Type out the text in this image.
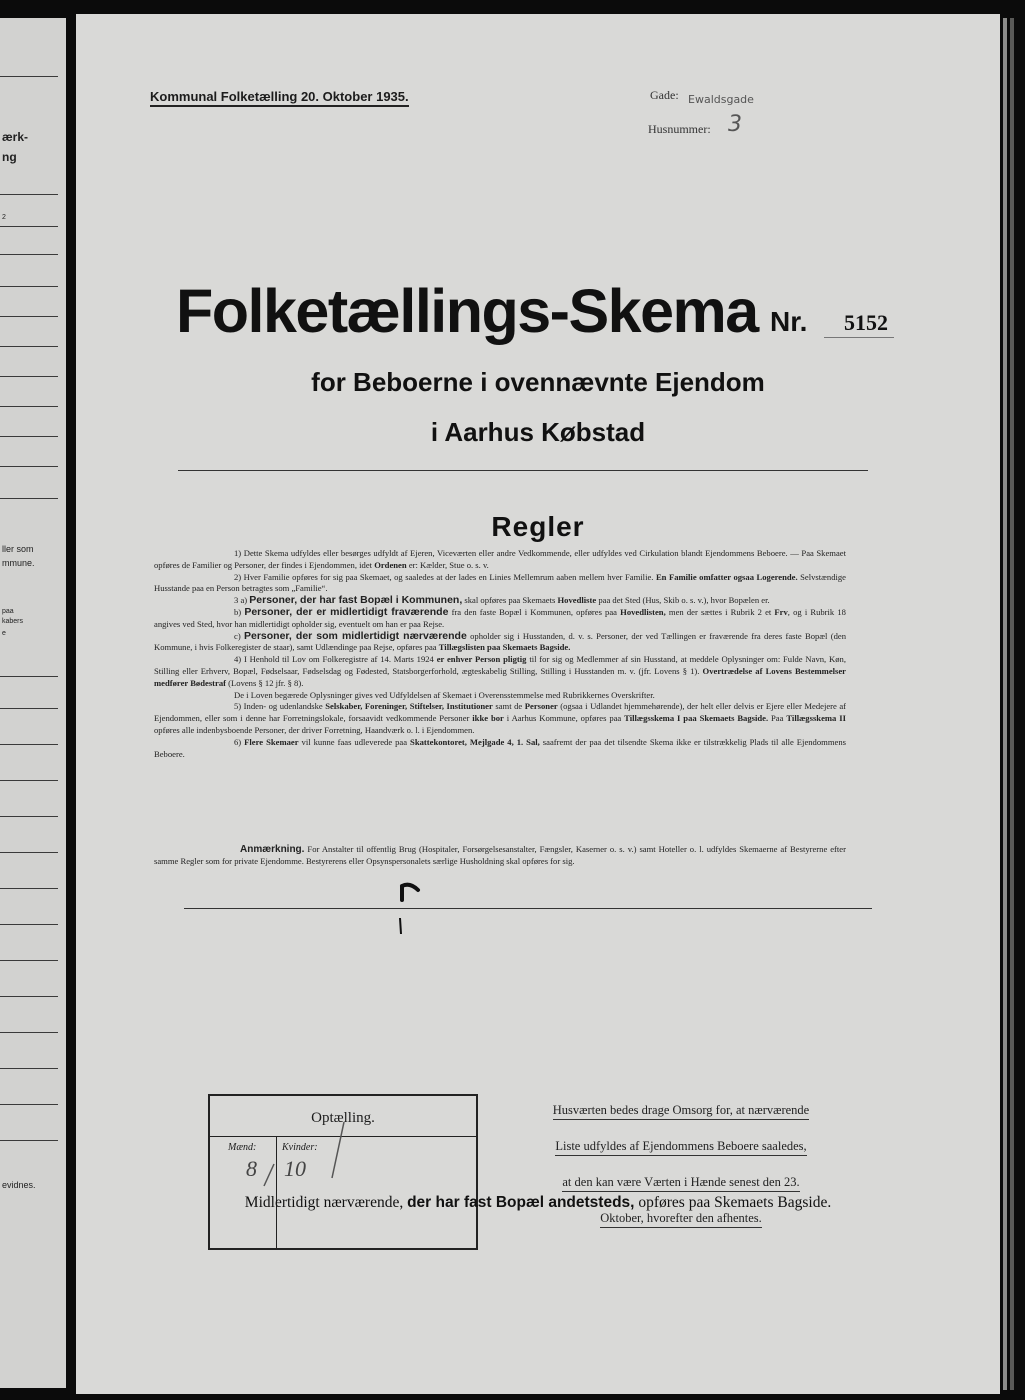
ærk-
ng
2
ller som
mmune.
paa
kabers
e
evidnes.
Kommunal Folketælling 20. Oktober 1935.	Gade: Ewaldsgade
Husnummer: 3
Folketællings-Skema Nr. 5152
for Beboerne i ovennævnte Ejendom
i Aarhus Købstad
Regler

1) Dette Skema udfyldes eller besørges udfyldt af Ejeren, Viceværten eller andre Vedkommende, eller udfyldes ved Cirkulation blandt Ejendommens Beboere. — Paa Skemaet opføres de Familier og Personer, der findes i Ejendommen, idet Ordenen er: Kælder, Stue o. s. v.

2) Hver Familie opføres for sig paa Skemaet, og saaledes at der lades en Linies Mellemrum aaben mellem hver Familie. En Familie omfatter ogsaa Logerende. Selvstændige Husstande paa en Person betragtes som „Familie“.

3 a) Personer, der har fast Bopæl i Kommunen, skal opføres paa Skemaets Hovedliste paa det Sted (Hus, Skib o. s. v.), hvor Bopælen er.

b) Personer, der er midlertidigt fraværende fra den faste Bopæl i Kommunen, opføres paa Hovedlisten, men der sættes i Rubrik 2 et Frv, og i Rubrik 18 angives ved Sted, hvor han midlertidigt opholder sig, eventuelt om han er paa Rejse.

c) Personer, der som midlertidigt nærværende opholder sig i Husstanden, d. v. s. Personer, der ved Tællingen er fraværende fra deres faste Bopæl (den Kommune, i hvis Folkeregister de staar), samt Udlændinge paa Rejse, opføres paa Tillægslisten paa Skemaets Bagside.

4) I Henhold til Lov om Folkeregistre af 14. Marts 1924 er enhver Person pligtig til for sig og Medlemmer af sin Husstand, at meddele Oplysninger om: Fulde Navn, Køn, Stilling eller Erhverv, Bopæl, Fødselsaar, Fødselsdag og Fødested, Statsborgerforhold, ægteskabelig Stilling, Stilling i Husstanden m. v. (jfr. Lovens § 1). Overtrædelse af Lovens Bestemmelser medfører Bødestraf (Lovens § 12 jfr. § 8).

De i Loven begærede Oplysninger gives ved Udfyldelsen af Skemaet i Overensstemmelse med Rubrikkernes Overskrifter.

5) Inden- og udenlandske Selskaber, Foreninger, Stiftelser, Institutioner samt de Personer (ogsaa i Udlandet hjemmehørende), der helt eller delvis er Ejere eller Medejere af Ejendommen, eller som i denne har Forretningslokale, forsaavidt vedkommende Personer ikke bor i Aarhus Kommune, opføres paa Tillægsskema I paa Skemaets Bagside. Paa Tillægsskema II opføres alle indenbysboende Personer, der driver Forretning, Haandværk o. l. i Ejendommen.

6) Flere Skemaer vil kunne faas udleverede paa Skattekontoret, Mejlgade 4, 1. Sal, saafremt der paa det tilsendte Skema ikke er tilstrækkelig Plads til alle Ejendommens Beboere.

Anmærkning. For Anstalter til offentlig Brug (Hospitaler, Forsørgelsesanstalter, Fængsler, Kaserner o. s. v.) samt Hoteller o. l. udfyldes Skemaerne af Bestyrerne efter samme Regler som for private Ejendomme. Bestyrerens eller Opsynspersonalets særlige Husholdning skal opføres for sig.

Optælling.
Mænd:
8
Kvinder:
10
Husværten bedes drage Omsorg for, at nærværende
Liste udfyldes af Ejendommens Beboere saaledes,
at den kan være Værten i Hænde senest den 23.
Oktober, hvorefter den afhentes.
Midlertidigt nærværende, der har fast Bopæl andetsteds, opføres paa Skemaets Bagside.
